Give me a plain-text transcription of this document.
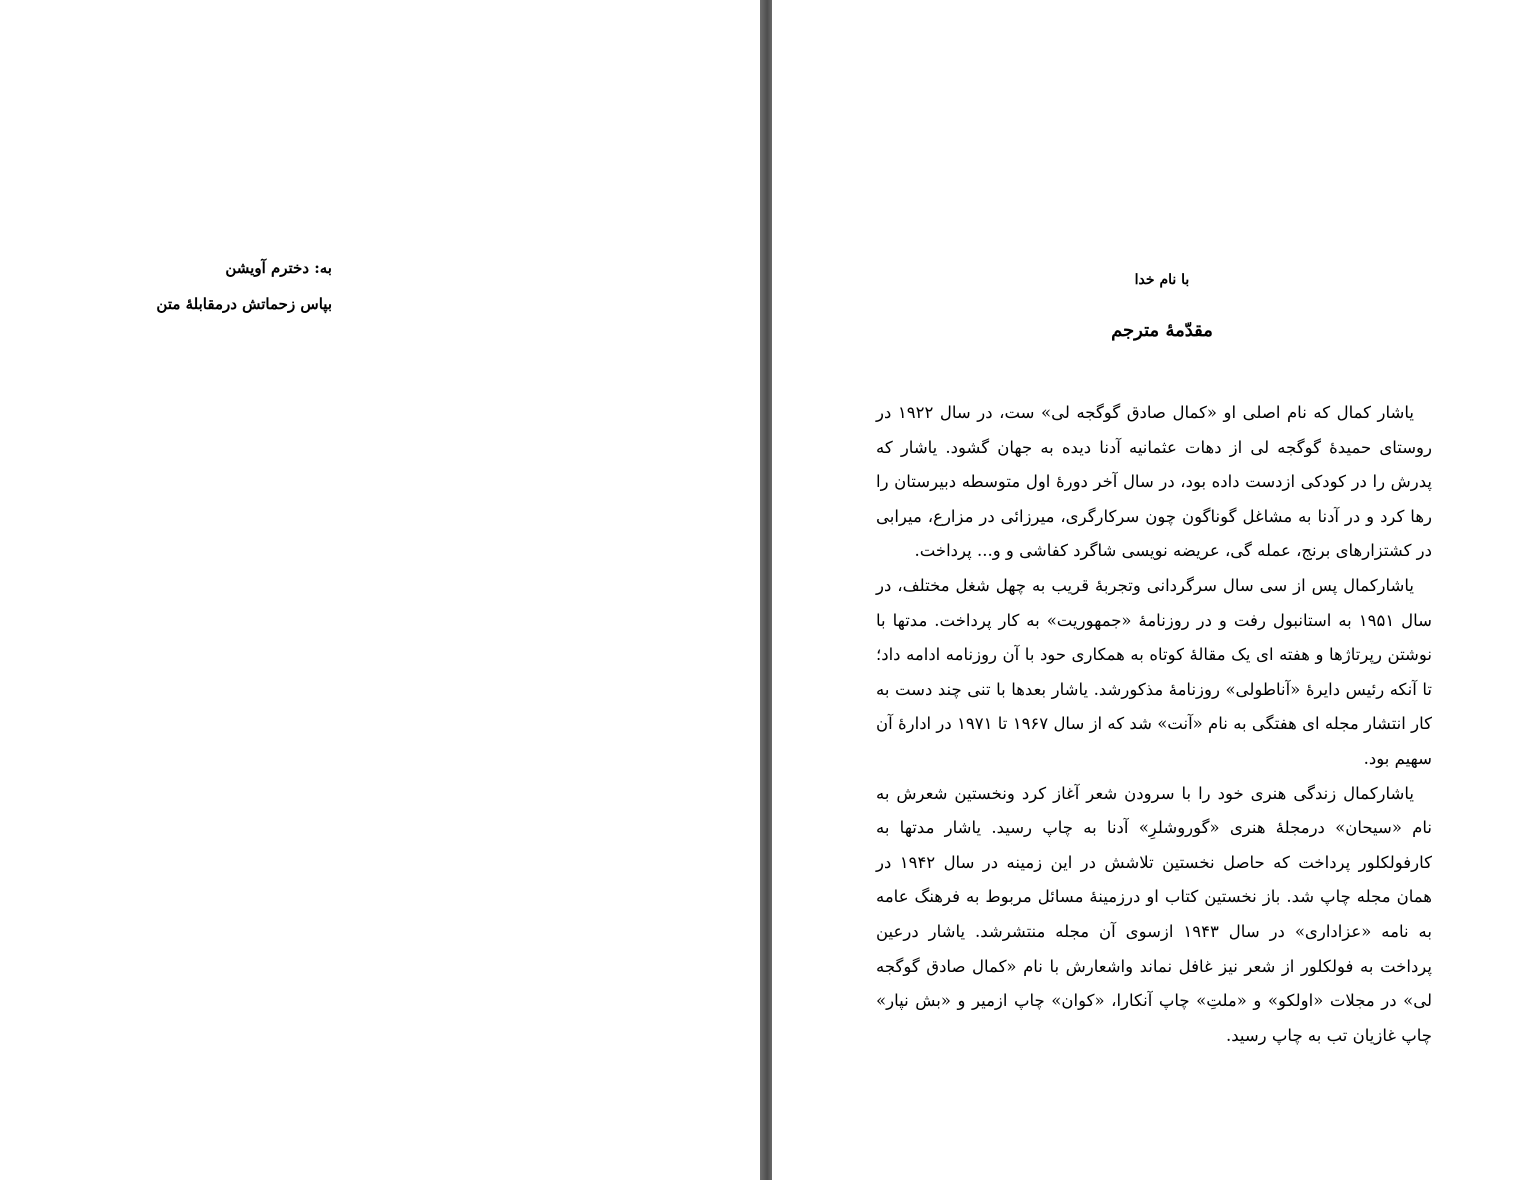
به: دخترم آویشن
بپاس زحماتش درمقابلهٔ متن
با نام خدا
مقدّمهٔ مترجم

یاشار کمال که نام اصلی او «کمال صادق گوگجه لی» ست، در سال ۱۹۲۲ در روستای حمیدهٔ گوگجه لی از دهات عثمانیه آدنا دیده به جهان گشود. یاشار که پدرش را در کودکی ازدست داده بود، در سال آخر دورهٔ اول متوسطه دبیرستان را رها کرد و در آدنا به مشاغل گوناگون چون سرکارگری، میرزائی در مزارع، میرابی در کشتزارهای برنج، عمله گی، عریضه نویسی شاگرد کفاشی و و... پرداخت.

یاشارکمال پس از سی سال سرگردانی وتجربهٔ قریب به چهل شغل مختلف، در سال ۱۹۵۱ به استانبول رفت و در روزنامهٔ «جمهوریت» به کار پرداخت. مدتها با نوشتن رپرتاژها و هفته ای یک مقالهٔ کوتاه به همکاری حود با آن روزنامه ادامه داد؛ تا آنکه رئیس دایرهٔ «آناطولی» روزنامهٔ مذکورشد. یاشار بعدها با تنی چند دست به کار انتشار مجله ای هفتگی به نام «آنت» شد که از سال ۱۹۶۷ تا ۱۹۷۱ در ادارهٔ آن سهیم بود.

یاشارکمال زندگی هنری خود را با سرودن شعر آغاز کرد ونخستین شعرش به نام «سیحان» درمجلهٔ هنری «گوروشلرِ» آدنا به چاپ رسید. یاشار مدتها به کارفولکلور پرداخت که حاصل نخستین تلاشش در این زمینه در سال ۱۹۴۲ در همان مجله چاپ شد. باز نخستین کتاب او درزمینهٔ مسائل مربوط به فرهنگ عامه به نامه «عزاداری» در سال ۱۹۴۳ ازسوی آن مجله منتشرشد. یاشار درعین پرداخت به فولکلور از شعر نیز غافل نماند واشعارش با نام «کمال صادق گوگجه لی» در مجلات «اولکو» و «ملتِ» چاپ آنکارا، «کوان» چاپ ازمیر و «بش نپار» چاپ غازیان تب به چاپ رسید.
